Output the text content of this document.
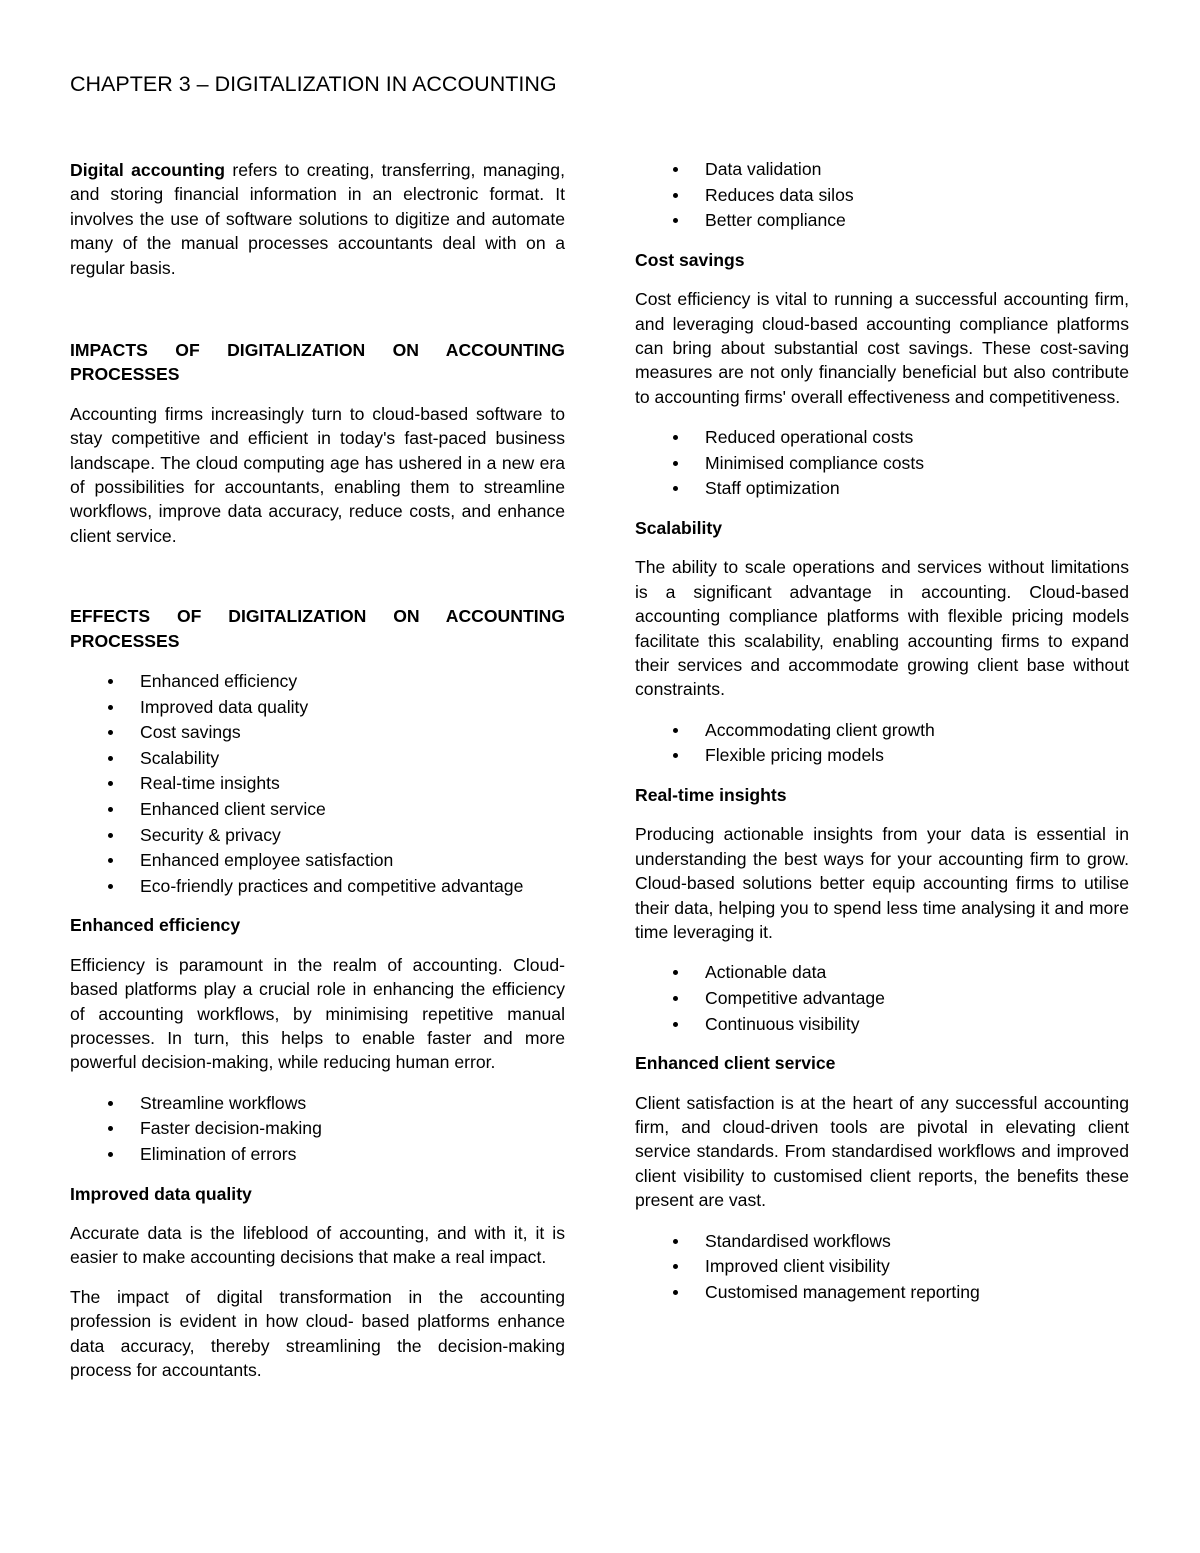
CHAPTER 3 – DIGITALIZATION IN ACCOUNTING

Digital accounting refers to creating, transferring, managing, and storing financial information in an electronic format. It involves the use of software solutions to digitize and automate many of the manual processes accountants deal with on a regular basis.

IMPACTS OF DIGITALIZATION ON ACCOUNTING PROCESSES

Accounting firms increasingly turn to cloud-based software to stay competitive and efficient in today's fast-paced business landscape. The cloud computing age has ushered in a new era of possibilities for accountants, enabling them to streamline workflows, improve data accuracy, reduce costs, and enhance client service.

EFFECTS OF DIGITALIZATION ON ACCOUNTING PROCESSES
Enhanced efficiency
Improved data quality
Cost savings
Scalability
Real-time insights
Enhanced client service
Security & privacy
Enhanced employee satisfaction
Eco-friendly practices and competitive advantage
Enhanced efficiency

Efficiency is paramount in the realm of accounting. Cloud-based platforms play a crucial role in enhancing the efficiency of accounting workflows, by minimising repetitive manual processes. In turn, this helps to enable faster and more powerful decision-making, while reducing human error.

Streamline workflows
Faster decision-making
Elimination of errors
Improved data quality

Accurate data is the lifeblood of accounting, and with it, it is easier to make accounting decisions that make a real impact.

The impact of digital transformation in the accounting profession is evident in how cloud- based platforms enhance data accuracy, thereby streamlining the decision-making process for accountants.

Data validation
Reduces data silos
Better compliance
Cost savings

Cost efficiency is vital to running a successful accounting firm, and leveraging cloud-based accounting compliance platforms can bring about substantial cost savings. These cost-saving measures are not only financially beneficial but also contribute to accounting firms' overall effectiveness and competitiveness.

Reduced operational costs
Minimised compliance costs
Staff optimization
Scalability

The ability to scale operations and services without limitations is a significant advantage in accounting. Cloud-based accounting compliance platforms with flexible pricing models facilitate this scalability, enabling accounting firms to expand their services and accommodate growing client base without constraints.

Accommodating client growth
Flexible pricing models
Real-time insights

Producing actionable insights from your data is essential in understanding the best ways for your accounting firm to grow. Cloud-based solutions better equip accounting firms to utilise their data, helping you to spend less time analysing it and more time leveraging it.

Actionable data
Competitive advantage
Continuous visibility
Enhanced client service

Client satisfaction is at the heart of any successful accounting firm, and cloud-driven tools are pivotal in elevating client service standards. From standardised workflows and improved client visibility to customised client reports, the benefits these present are vast.

Standardised workflows
Improved client visibility
Customised management reporting
